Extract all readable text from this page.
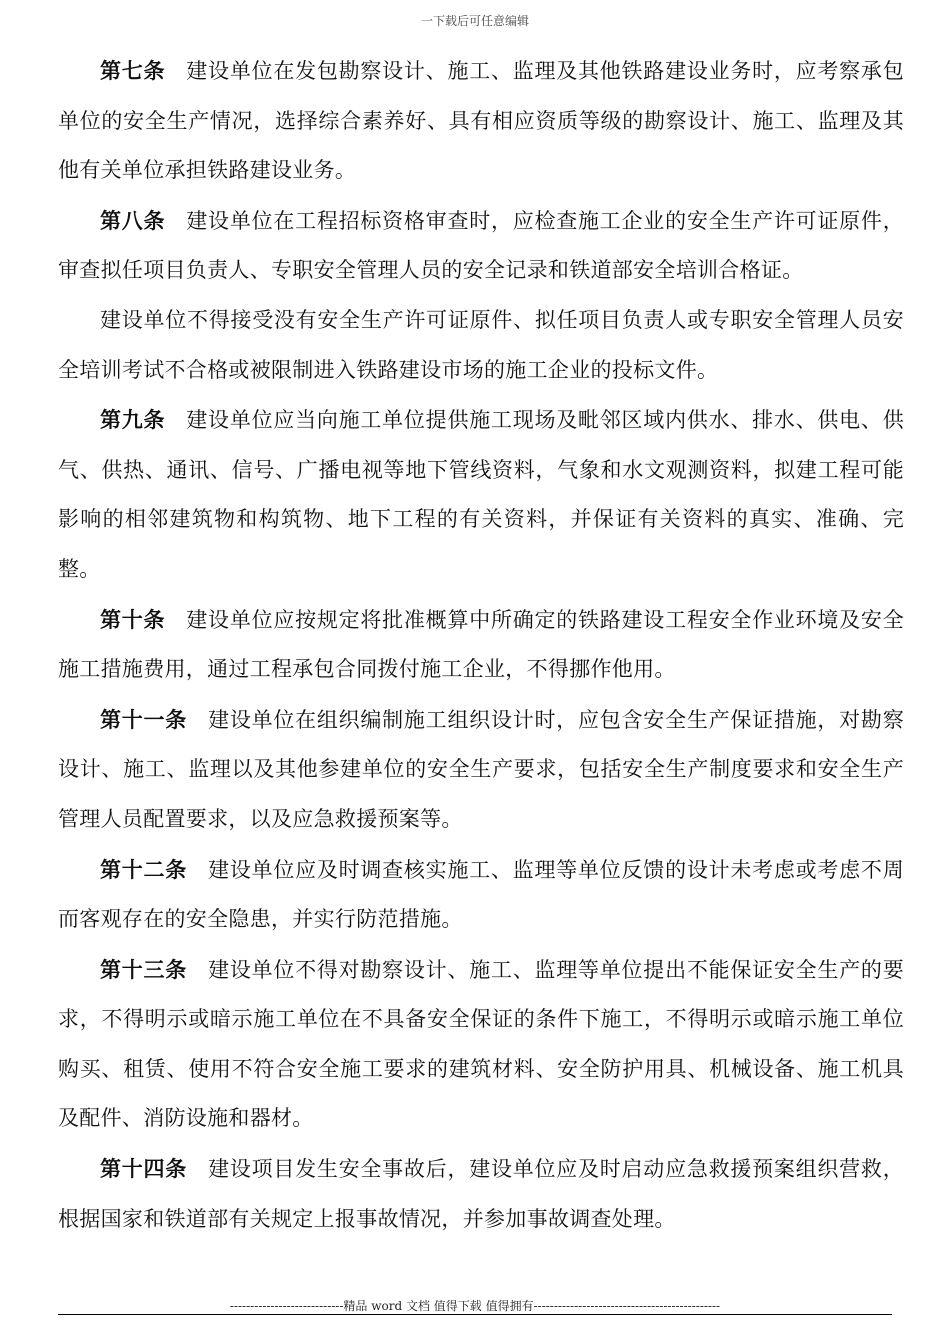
一下载后可任意编辑

第七条 建设单位在发包勘察设计、施工、监理及其他铁路建设业务时，应考察承包单位的安全生产情况，选择综合素养好、具有相应资质等级的勘察设计、施工、监理及其他有关单位承担铁路建设业务。

第八条 建设单位在工程招标资格审查时，应检查施工企业的安全生产许可证原件，审查拟任项目负责人、专职安全管理人员的安全记录和铁道部安全培训合格证。

建设单位不得接受没有安全生产许可证原件、拟任项目负责人或专职安全管理人员安全培训考试不合格或被限制进入铁路建设市场的施工企业的投标文件。

第九条 建设单位应当向施工单位提供施工现场及毗邻区域内供水、排水、供电、供气、供热、通讯、信号、广播电视等地下管线资料，气象和水文观测资料，拟建工程可能影响的相邻建筑物和构筑物、地下工程的有关资料，并保证有关资料的真实、准确、完整。

第十条 建设单位应按规定将批准概算中所确定的铁路建设工程安全作业环境及安全施工措施费用，通过工程承包合同拨付施工企业，不得挪作他用。

第十一条 建设单位在组织编制施工组织设计时，应包含安全生产保证措施，对勘察设计、施工、监理以及其他参建单位的安全生产要求，包括安全生产制度要求和安全生产管理人员配置要求，以及应急救援预案等。

第十二条 建设单位应及时调查核实施工、监理等单位反馈的设计未考虑或考虑不周而客观存在的安全隐患，并实行防范措施。

第十三条 建设单位不得对勘察设计、施工、监理等单位提出不能保证安全生产的要求，不得明示或暗示施工单位在不具备安全保证的条件下施工，不得明示或暗示施工单位购买、租赁、使用不符合安全施工要求的建筑材料、安全防护用具、机械设备、施工机具及配件、消防设施和器材。

第十四条 建设项目发生安全事故后，建设单位应及时启动应急救援预案组织营救，根据国家和铁道部有关规定上报事故情况，并参加事故调查处理。

----------------------------精品 word 文档 值得下载 值得拥有----------------------------------------------
